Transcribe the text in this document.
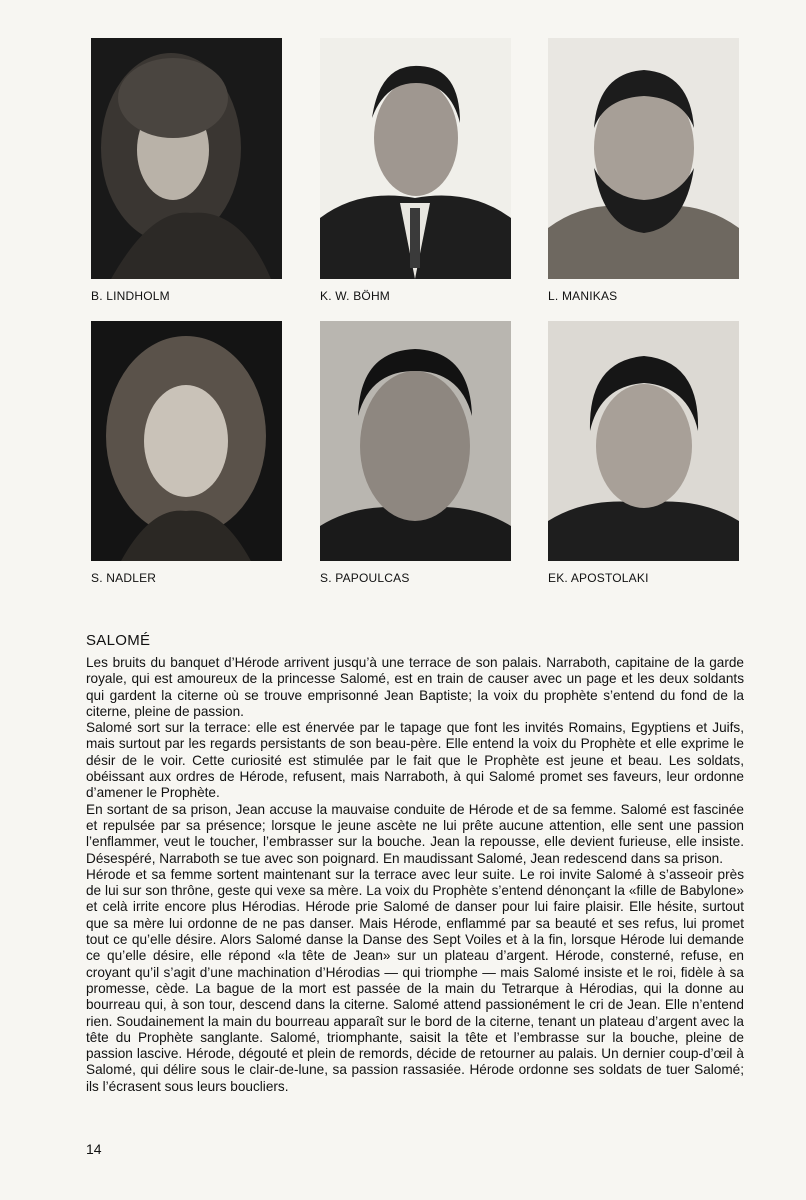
B. LINDHOLM	K. W. BÖHM	L. MANIKAS
S. NADLER	S. PAPOULCAS	EK. APOSTOLAKI
SALOMÉ

Les bruits du banquet d’Hérode arrivent jusqu’à une terrace de son palais. Narraboth, capitaine de la garde royale, qui est amoureux de la princesse Salomé, est en train de causer avec un page et les deux soldants qui gardent la citerne où se trouve emprisonné Jean Baptiste; la voix du prophète s’entend du fond de la citerne, pleine de passion.

Salomé sort sur la terrace: elle est énervée par le tapage que font les invités Romains, Egyptiens et Juifs, mais surtout par les regards persistants de son beau-père. Elle entend la voix du Prophète et elle exprime le désir de le voir. Cette curiosité est stimulée par le fait que le Prophète est jeune et beau. Les soldats, obéissant aux ordres de Hérode, refusent, mais Narraboth, à qui Salomé promet ses faveurs, leur ordonne d’amener le Prophète.

En sortant de sa prison, Jean accuse la mauvaise conduite de Hérode et de sa femme. Salomé est fascinée et repulsée par sa présence; lorsque le jeune ascète ne lui prête aucune attention, elle sent une passion l’enflammer, veut le toucher, l’embrasser sur la bouche. Jean la repousse, elle devient furieuse, elle insiste. Désespéré, Narraboth se tue avec son poignard. En maudissant Salomé, Jean redescend dans sa prison.

Hérode et sa femme sortent maintenant sur la terrace avec leur suite. Le roi invite Salomé à s’asseoir près de lui sur son thrône, geste qui vexe sa mère. La voix du Prophète s’entend dénonçant la «fille de Babylone» et celà irrite encore plus Hérodias. Hérode prie Salomé de danser pour lui faire plaisir. Elle hésite, surtout que sa mère lui ordonne de ne pas danser. Mais Hérode, enflammé par sa beauté et ses refus, lui promet tout ce qu’elle désire. Alors Salomé danse la Danse des Sept Voiles et à la fin, lorsque Hérode lui demande ce qu’elle désire, elle répond «la tête de Jean» sur un plateau d’argent. Hérode, consterné, refuse, en croyant qu’il s’agit d’une machination d’Hérodias — qui triomphe — mais Salomé insiste et le roi, fidèle à sa promesse, cède. La bague de la mort est passée de la main du Tetrarque à Hérodias, qui la donne au bourreau qui, à son tour, descend dans la citerne. Salomé attend passionément le cri de Jean. Elle n’entend rien. Soudainement la main du bourreau apparaît sur le bord de la citerne, tenant un plateau d’argent avec la tête du Prophète sanglante. Salomé, triomphante, saisit la tête et l’embrasse sur la bouche, pleine de passion lascive. Hérode, dégouté et plein de remords, décide de retourner au palais. Un dernier coup-d’œil à Salomé, qui délire sous le clair-de-lune, sa passion rassasiée. Hérode ordonne ses soldats de tuer Salomé; ils l’écrasent sous leurs boucliers.

14
